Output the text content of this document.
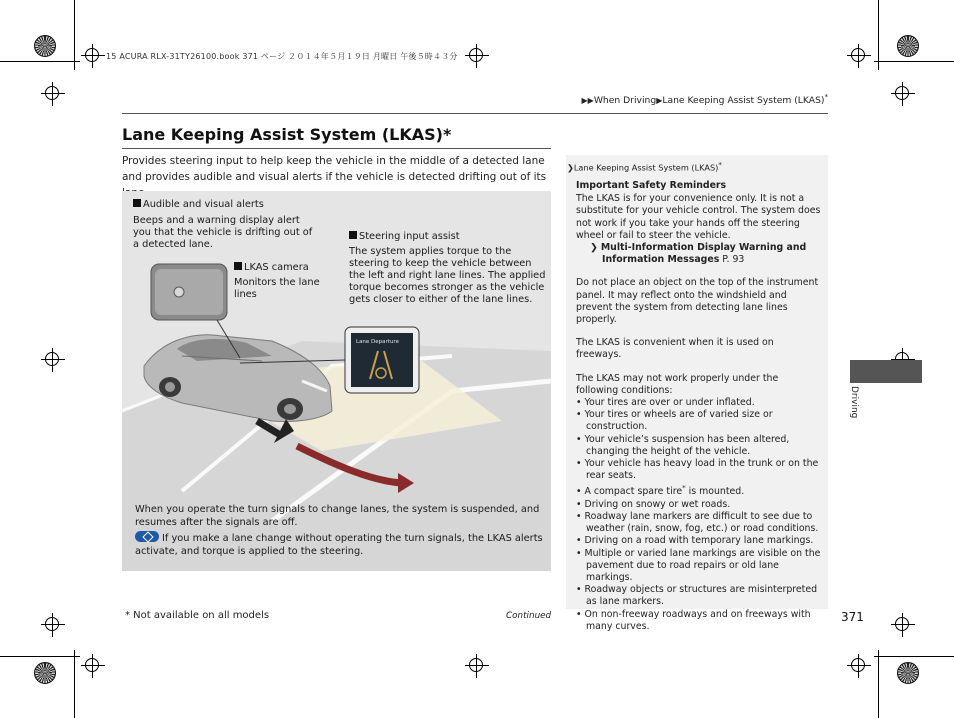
15 ACURA RLX-31TY26100.book 371 ページ ２０１４年５月１９日 月曜日 午後５時４３分
▶▶When Driving▶Lane Keeping Assist System (LKAS)*
Lane Keeping Assist System (LKAS)*
Provides steering input to help keep the vehicle in the middle of a detected lane and provides audible and visual alerts if the vehicle is detected drifting out of its
Lane Departure
Audible and visual alerts
Beeps and a warning display alert you that the vehicle is drifting out of a detected lane.
Steering input assist
The system applies torque to the steering to keep the vehicle between the left and right lane lines. The applied torque becomes stronger as the vehicle gets closer to either of the lane lines.
LKAS camera
Monitors the lane lines
When you operate the turn signals to change lanes, the system is suspended, and resumes after the signals are off.
If you make a lane change without operating the turn signals, the LKAS alerts activate, and torque is applied to the steering.
❯Lane Keeping Assist System (LKAS)*
Important Safety Reminders
The LKAS is for your convenience only. It is not a substitute for your vehicle control. The system does not work if you take your hands off the steering wheel or fail to steer the vehicle.
❯ Multi-Information Display Warning and Information Messages P. 93
Do not place an object on the top of the instrument panel. It may reflect onto the windshield and prevent the system from detecting lane lines properly.
The LKAS is convenient when it is used on freeways.
The LKAS may not work properly under the following conditions:
• Your tires are over or under inflated.
• Your tires or wheels are of varied size or construction.
• Your vehicle’s suspension has been altered, changing the height of the vehicle.
• Your vehicle has heavy load in the trunk or on the rear seats.
• A compact spare tire* is mounted.
• Driving on snowy or wet roads.
• Roadway lane markers are difficult to see due to weather (rain, snow, fog, etc.) or road conditions.
• Driving on a road with temporary lane markings.
• Multiple or varied lane markings are visible on the pavement due to road repairs or old lane markings.
• Roadway objects or structures are misinterpreted as lane markers.
• On non-freeway roadways and on freeways with many curves.
Driving
* Not available on all models	Continued	371
